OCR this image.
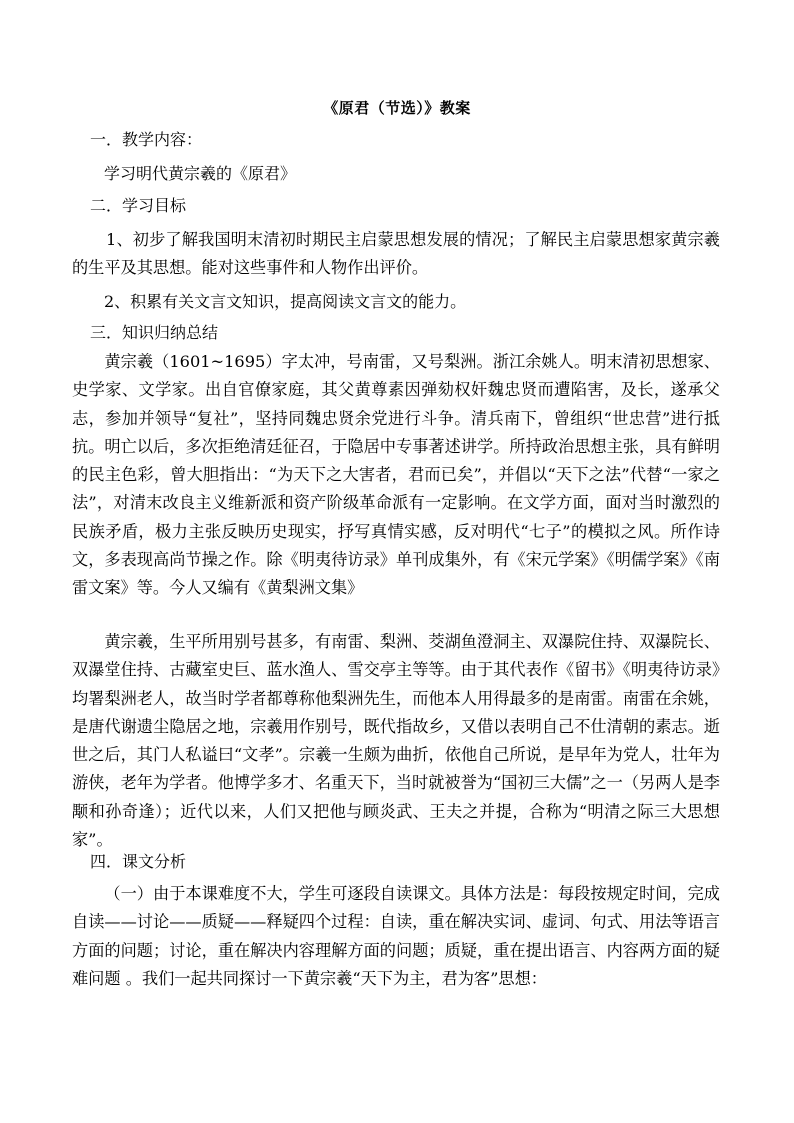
《原君（节选）》教案
一．教学内容：
学习明代黄宗羲的《原君》
二．学习目标
1、初步了解我国明末清初时期民主启蒙思想发展的情况；了解民主启蒙思想家黄宗羲的生平及其思想。能对这些事件和人物作出评价。
2、积累有关文言文知识，提高阅读文言文的能力。
三．知识归纳总结
黄宗羲（1601~1695）字太冲，号南雷，又号梨洲。浙江余姚人。明末清初思想家、史学家、文学家。出自官僚家庭，其父黄尊素因弹劾权奸魏忠贤而遭陷害，及长，遂承父志，参加并领导“复社”，坚持同魏忠贤余党进行斗争。清兵南下，曾组织“世忠营”进行抵抗。明亡以后，多次拒绝清廷征召，于隐居中专事著述讲学。所持政治思想主张，具有鲜明的民主色彩，曾大胆指出：“为天下之大害者，君而已矣”，并倡以“天下之法”代替“一家之法”，对清末改良主义维新派和资产阶级革命派有一定影响。在文学方面，面对当时激烈的民族矛盾，极力主张反映历史现实，抒写真情实感，反对明代“七子”的模拟之风。所作诗文，多表现高尚节操之作。除《明夷待访录》单刊成集外，有《宋元学案》《明儒学案》《南雷文案》等。今人又编有《黄梨洲文集》
黄宗羲，生平所用别号甚多，有南雷、梨洲、茭湖鱼澄洞主、双瀑院住持、双瀑院长、双瀑堂住持、古藏室史巨、蓝水渔人、雪交亭主等等。由于其代表作《留书》《明夷待访录》均署梨洲老人，故当时学者都尊称他梨洲先生，而他本人用得最多的是南雷。南雷在余姚，是唐代谢遗尘隐居之地，宗羲用作别号，既代指故乡，又借以表明自己不仕清朝的素志。逝世之后，其门人私谥曰“文孝”。宗羲一生颇为曲折，依他自己所说，是早年为党人，壮年为游侠，老年为学者。他博学多才、名重天下，当时就被誉为“国初三大儒”之一（另两人是李颙和孙奇逢）；近代以来，人们又把他与顾炎武、王夫之并提，合称为“明清之际三大思想家”。
四．课文分析
（一）由于本课难度不大，学生可逐段自读课文。具体方法是：每段按规定时间，完成自读——讨论——质疑——释疑四个过程：自读，重在解决实词、虚词、句式、用法等语言方面的问题；讨论，重在解决内容理解方面的问题；质疑，重在提出语言、内容两方面的疑难问题 。我们一起共同探讨一下黄宗羲“天下为主，君为客”思想：
